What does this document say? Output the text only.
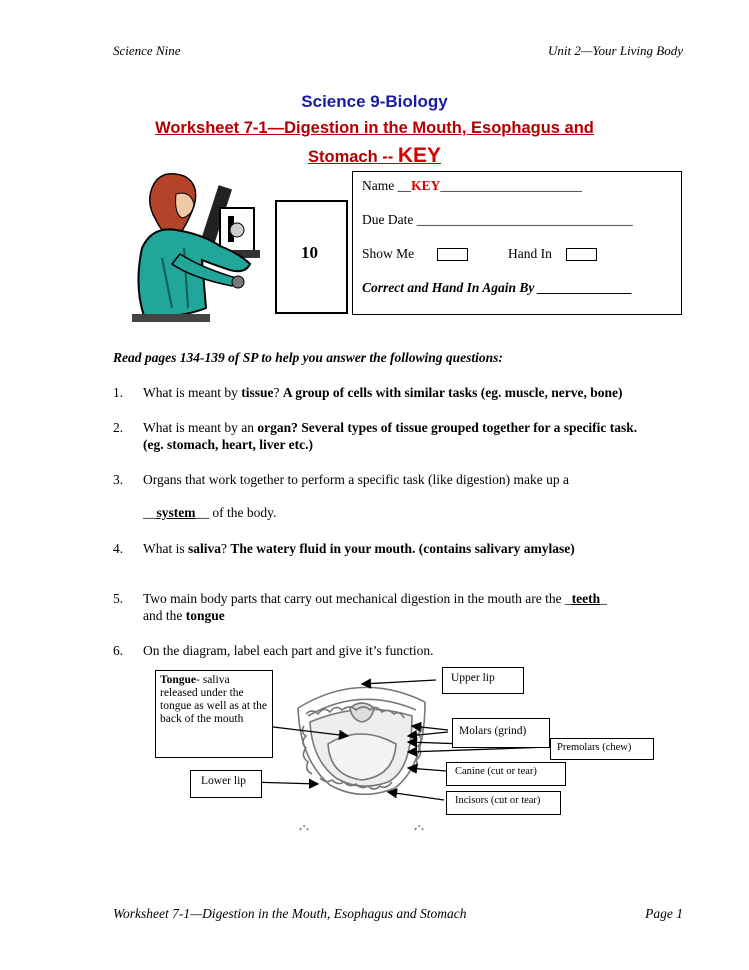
Science Nine	Unit 2—Your Living Body
Science 9-Biology
Worksheet 7-1—Digestion in the Mouth, Esophagus and
Stomach -- KEY
10
Name __KEY_____________________
Due Date ________________________________
Show Me	Hand In
Correct and Hand In Again By ______________
Read pages 134-139 of SP to help you answer the following questions:
1. What is meant by tissue? A group of cells with similar tasks (eg. muscle, nerve, bone)
2. What is meant by an organ? Several types of tissue grouped together for a specific task.
(eg. stomach, heart, liver etc.)
3. Organs that work together to perform a specific task (like digestion) make up a
__system__ of the body.
4. What is saliva? The watery fluid in your mouth. (contains salivary amylase)
5. Two main body parts that carry out mechanical digestion in the mouth are the _teeth_
and the tongue
6. On the diagram, label each part and give it’s function.
Tongue- saliva released under the tongue as well as at the back of the mouth
Upper lip
Molars (grind)
Premolars (chew)
Canine (cut or tear)
Lower lip
Incisors (cut or tear)
Worksheet 7-1—Digestion in the Mouth, Esophagus and Stomach	Page 1
